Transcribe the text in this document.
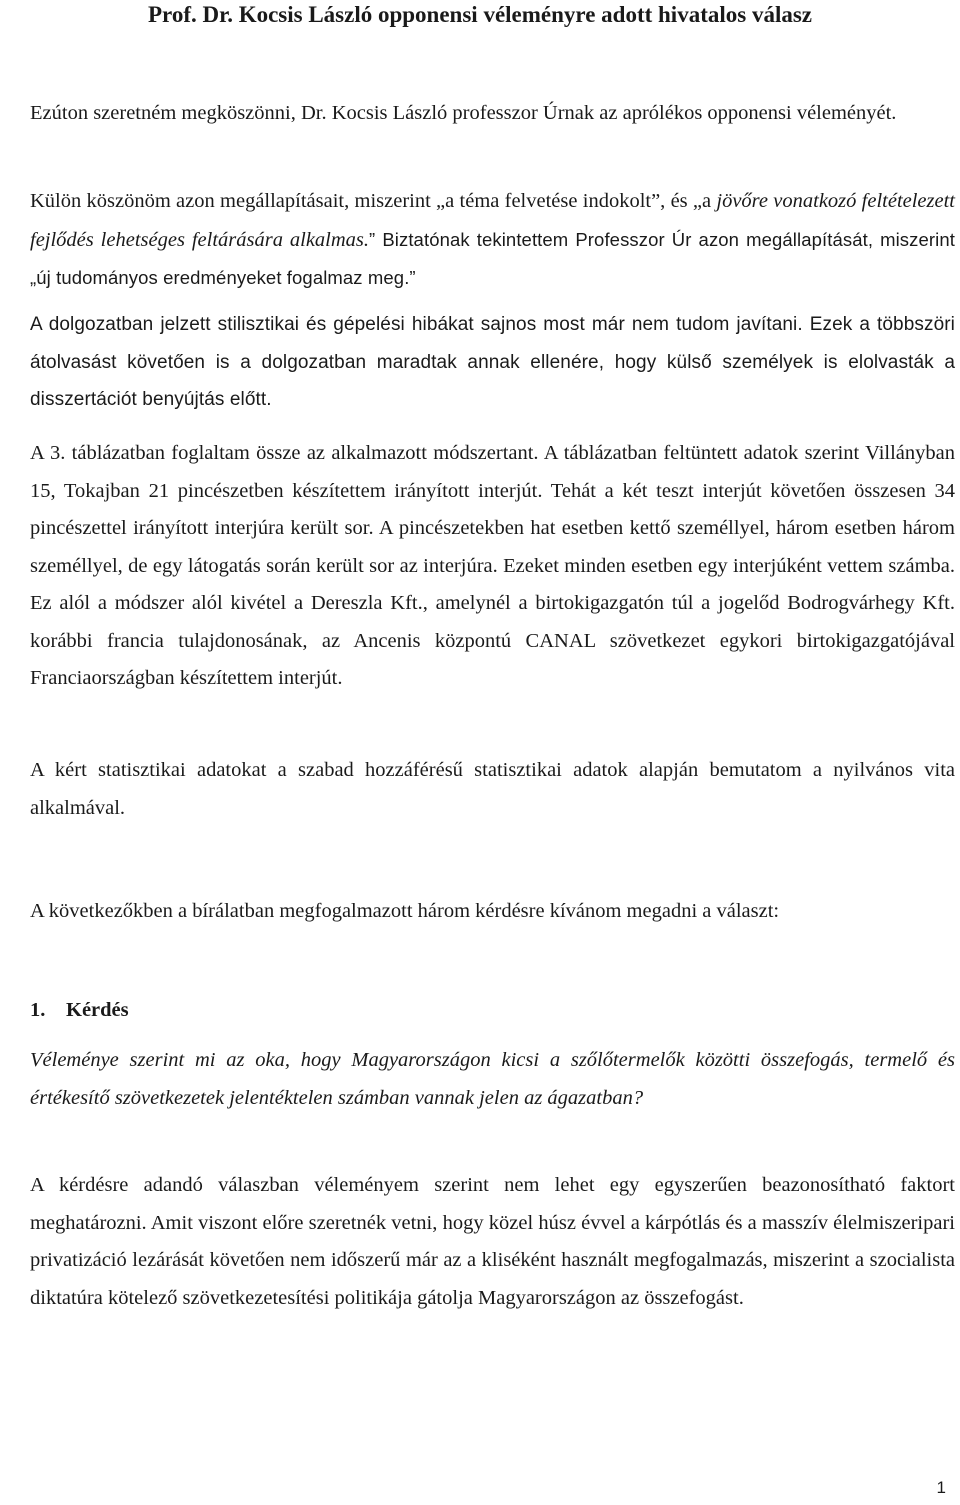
Prof. Dr. Kocsis László opponensi véleményre adott hivatalos válasz

Ezúton szeretném megköszönni, Dr. Kocsis László professzor Úrnak az aprólékos opponensi véleményét.

Külön köszönöm azon megállapításait, miszerint „a téma felvetése indokolt”, és „a jövőre vonatkozó feltételezett fejlődés lehetséges feltárására alkalmas.” Biztatónak tekintettem Professzor Úr azon megállapítását, miszerint „új tudományos eredményeket fogalmaz meg.”

A dolgozatban jelzett stilisztikai és gépelési hibákat sajnos most már nem tudom javítani. Ezek a többszöri átolvasást követően is a dolgozatban maradtak annak ellenére, hogy külső személyek is elolvasták a disszertációt benyújtás előtt.

A 3. táblázatban foglaltam össze az alkalmazott módszertant. A táblázatban feltüntett adatok szerint Villányban 15, Tokajban 21 pincészetben készítettem irányított interjút. Tehát a két teszt interjút követően összesen 34 pincészettel irányított interjúra került sor. A pincészetekben hat esetben kettő személlyel, három esetben három személlyel, de egy látogatás során került sor az interjúra. Ezeket minden esetben egy interjúként vettem számba. Ez alól a módszer alól kivétel a Dereszla Kft., amelynél a birtokigazgatón túl a jogelőd Bodrogvárhegy Kft. korábbi francia tulajdonosának, az Ancenis központú CANAL szövetkezet egykori birtokigazgatójával Franciaországban készítettem interjút.

A kért statisztikai adatokat a szabad hozzáférésű statisztikai adatok alapján bemutatom a nyilvános vita alkalmával.

A következőkben a bírálatban megfogalmazott három kérdésre kívánom megadni a választ:

1. Kérdés

Véleménye szerint mi az oka, hogy Magyarországon kicsi a szőlőtermelők közötti összefogás, termelő és értékesítő szövetkezetek jelentéktelen számban vannak jelen az ágazatban?

A kérdésre adandó válaszban véleményem szerint nem lehet egy egyszerűen beazonosítható faktort meghatározni. Amit viszont előre szeretnék vetni, hogy közel húsz évvel a kárpótlás és a masszív élelmiszeripari privatizáció lezárását követően nem időszerű már az a kliséként használt megfogalmazás, miszerint a szocialista diktatúra kötelező szövetkezetesítési politikája gátolja Magyarországon az összefogást.

1
